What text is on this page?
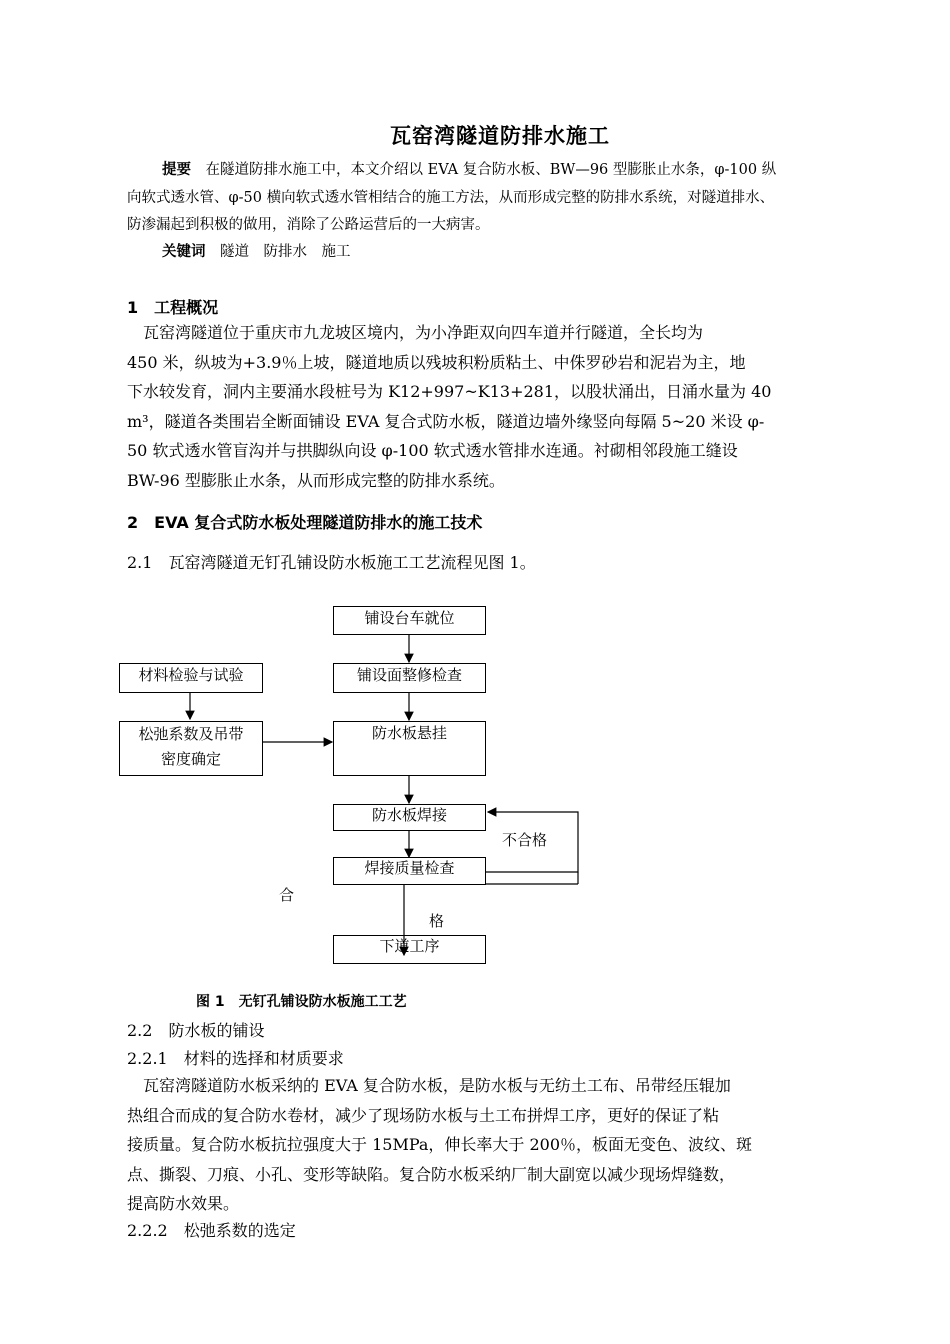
瓦窑湾隧道防排水施工
提要　 在隧道防排水施工中，本文介绍以 EVA 复合防水板、BW—96 型膨胀止水条，φ-100 纵
向软式透水管、φ-50 横向软式透水管相结合的施工方法，从而形成完整的防排水系统，对隧道排水、
防渗漏起到积极的做用，消除了公路运营后的一大病害。
关键词　 隧道　防排水　施工
1　工程概况
　瓦窑湾隧道位于重庆市九龙坡区境内，为小净距双向四车道并行隧道，全长均为
450 米，纵坡为+3.9％上坡，隧道地质以残坡积粉质粘土、中侏罗砂岩和泥岩为主，地
下水较发育，洞内主要涌水段桩号为 K12+997~K13+281，以股状涌出，日涌水量为 40
m³，隧道各类围岩全断面铺设 EVA 复合式防水板，隧道边墙外缘竖向每隔 5~20 米设 φ-
50 软式透水管盲沟并与拱脚纵向设 φ-100 软式透水管排水连通。衬砌相邻段施工缝设
BW-96 型膨胀止水条，从而形成完整的防排水系统。
2　EVA 复合式防水板处理隧道防排水的施工技术
2.1　瓦窑湾隧道无钉孔铺设防水板施工工艺流程见图 1。
铺设台车就位
材料检验与试验	铺设面整修检查
松弛系数及吊带
密度确定
防水板悬挂
防水板焊接
焊接质量检查
下道工序
不合格
合
格
图 1　无钉孔铺设防水板施工工艺
2.2　防水板的铺设
2.2.1　材料的选择和材质要求
　瓦窑湾隧道防水板采纳的 EVA 复合防水板，是防水板与无纺土工布、吊带经压辊加
热组合而成的复合防水卷材，减少了现场防水板与土工布拼焊工序，更好的保证了粘
接质量。复合防水板抗拉强度大于 15MPa，伸长率大于 200％，板面无变色、波纹、斑
点、撕裂、刀痕、小孔、变形等缺陷。复合防水板采纳厂制大副宽以减少现场焊缝数，
提高防水效果。
2.2.2　松弛系数的选定
